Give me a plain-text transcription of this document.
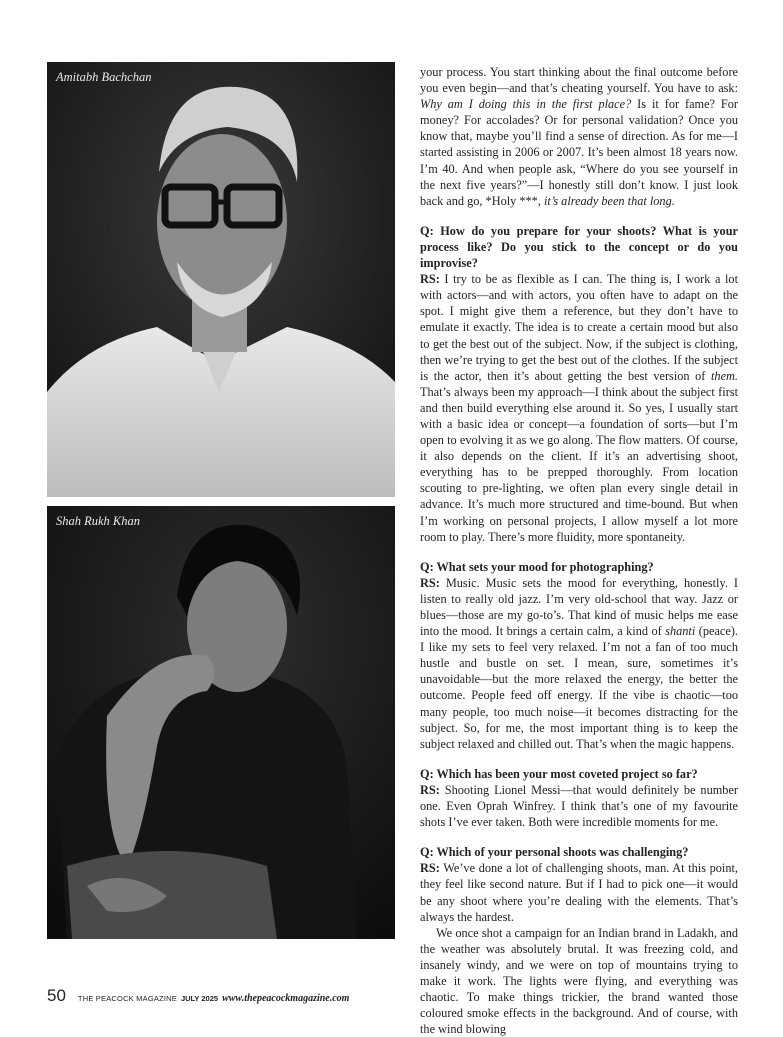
Amitabh Bachchan
Shah Rukh Khan

your process. You start thinking about the final outcome before you even begin—and that’s cheating yourself. You have to ask: Why am I doing this in the first place? Is it for fame? For money? For accolades? Or for personal validation? Once you know that, maybe you’ll find a sense of direction. As for me—I started assisting in 2006 or 2007. It’s been almost 18 years now. I’m 40. And when people ask, “Where do you see yourself in the next five years?”—I honestly still don’t know. I just look back and go, *Holy ***, it’s already been that long.

Q: How do you prepare for your shoots? What is your process like? Do you stick to the concept or do you improvise?

RS: I try to be as flexible as I can. The thing is, I work a lot with actors—and with actors, you often have to adapt on the spot. I might give them a reference, but they don’t have to emulate it exactly. The idea is to create a certain mood but also to get the best out of the subject. Now, if the subject is clothing, then we’re trying to get the best out of the clothes. If the subject is the actor, then it’s about getting the best version of them. That’s always been my approach—I think about the subject first and then build everything else around it. So yes, I usually start with a basic idea or concept—a foundation of sorts—but I’m open to evolving it as we go along. The flow matters. Of course, it also depends on the client. If it’s an advertising shoot, everything has to be prepped thoroughly. From location scouting to pre-lighting, we often plan every single detail in advance. It’s much more structured and time-bound. But when I’m working on personal projects, I allow myself a lot more room to play. There’s more fluidity, more spontaneity.

Q: What sets your mood for photographing?

RS: Music. Music sets the mood for everything, honestly. I listen to really old jazz. I’m very old-school that way. Jazz or blues—those are my go-to’s. That kind of music helps me ease into the mood. It brings a certain calm, a kind of shanti (peace). I like my sets to feel very relaxed. I’m not a fan of too much hustle and bustle on set. I mean, sure, sometimes it’s unavoidable—but the more relaxed the energy, the better the outcome. People feed off energy. If the vibe is chaotic—too many people, too much noise—it becomes distracting for the subject. So, for me, the most important thing is to keep the subject relaxed and chilled out. That’s when the magic happens.

Q: Which has been your most coveted project so far?

RS: Shooting Lionel Messi—that would definitely be number one. Even Oprah Winfrey. I think that’s one of my favourite shots I’ve ever taken. Both were incredible moments for me.

Q: Which of your personal shoots was challenging?

RS: We’ve done a lot of challenging shoots, man. At this point, they feel like second nature. But if I had to pick one—it would be any shoot where you’re dealing with the elements. That’s always the hardest.

We once shot a campaign for an Indian brand in Ladakh, and the weather was absolutely brutal. It was freezing cold, and insanely windy, and we were on top of mountains trying to make it work. The lights were flying, and everything was chaotic. To make things trickier, the brand wanted those coloured smoke effects in the background. And of course, with the wind blowing

50 THE PEACOCK MAGAZINE JULY 2025 www.thepeacockmagazine.com
